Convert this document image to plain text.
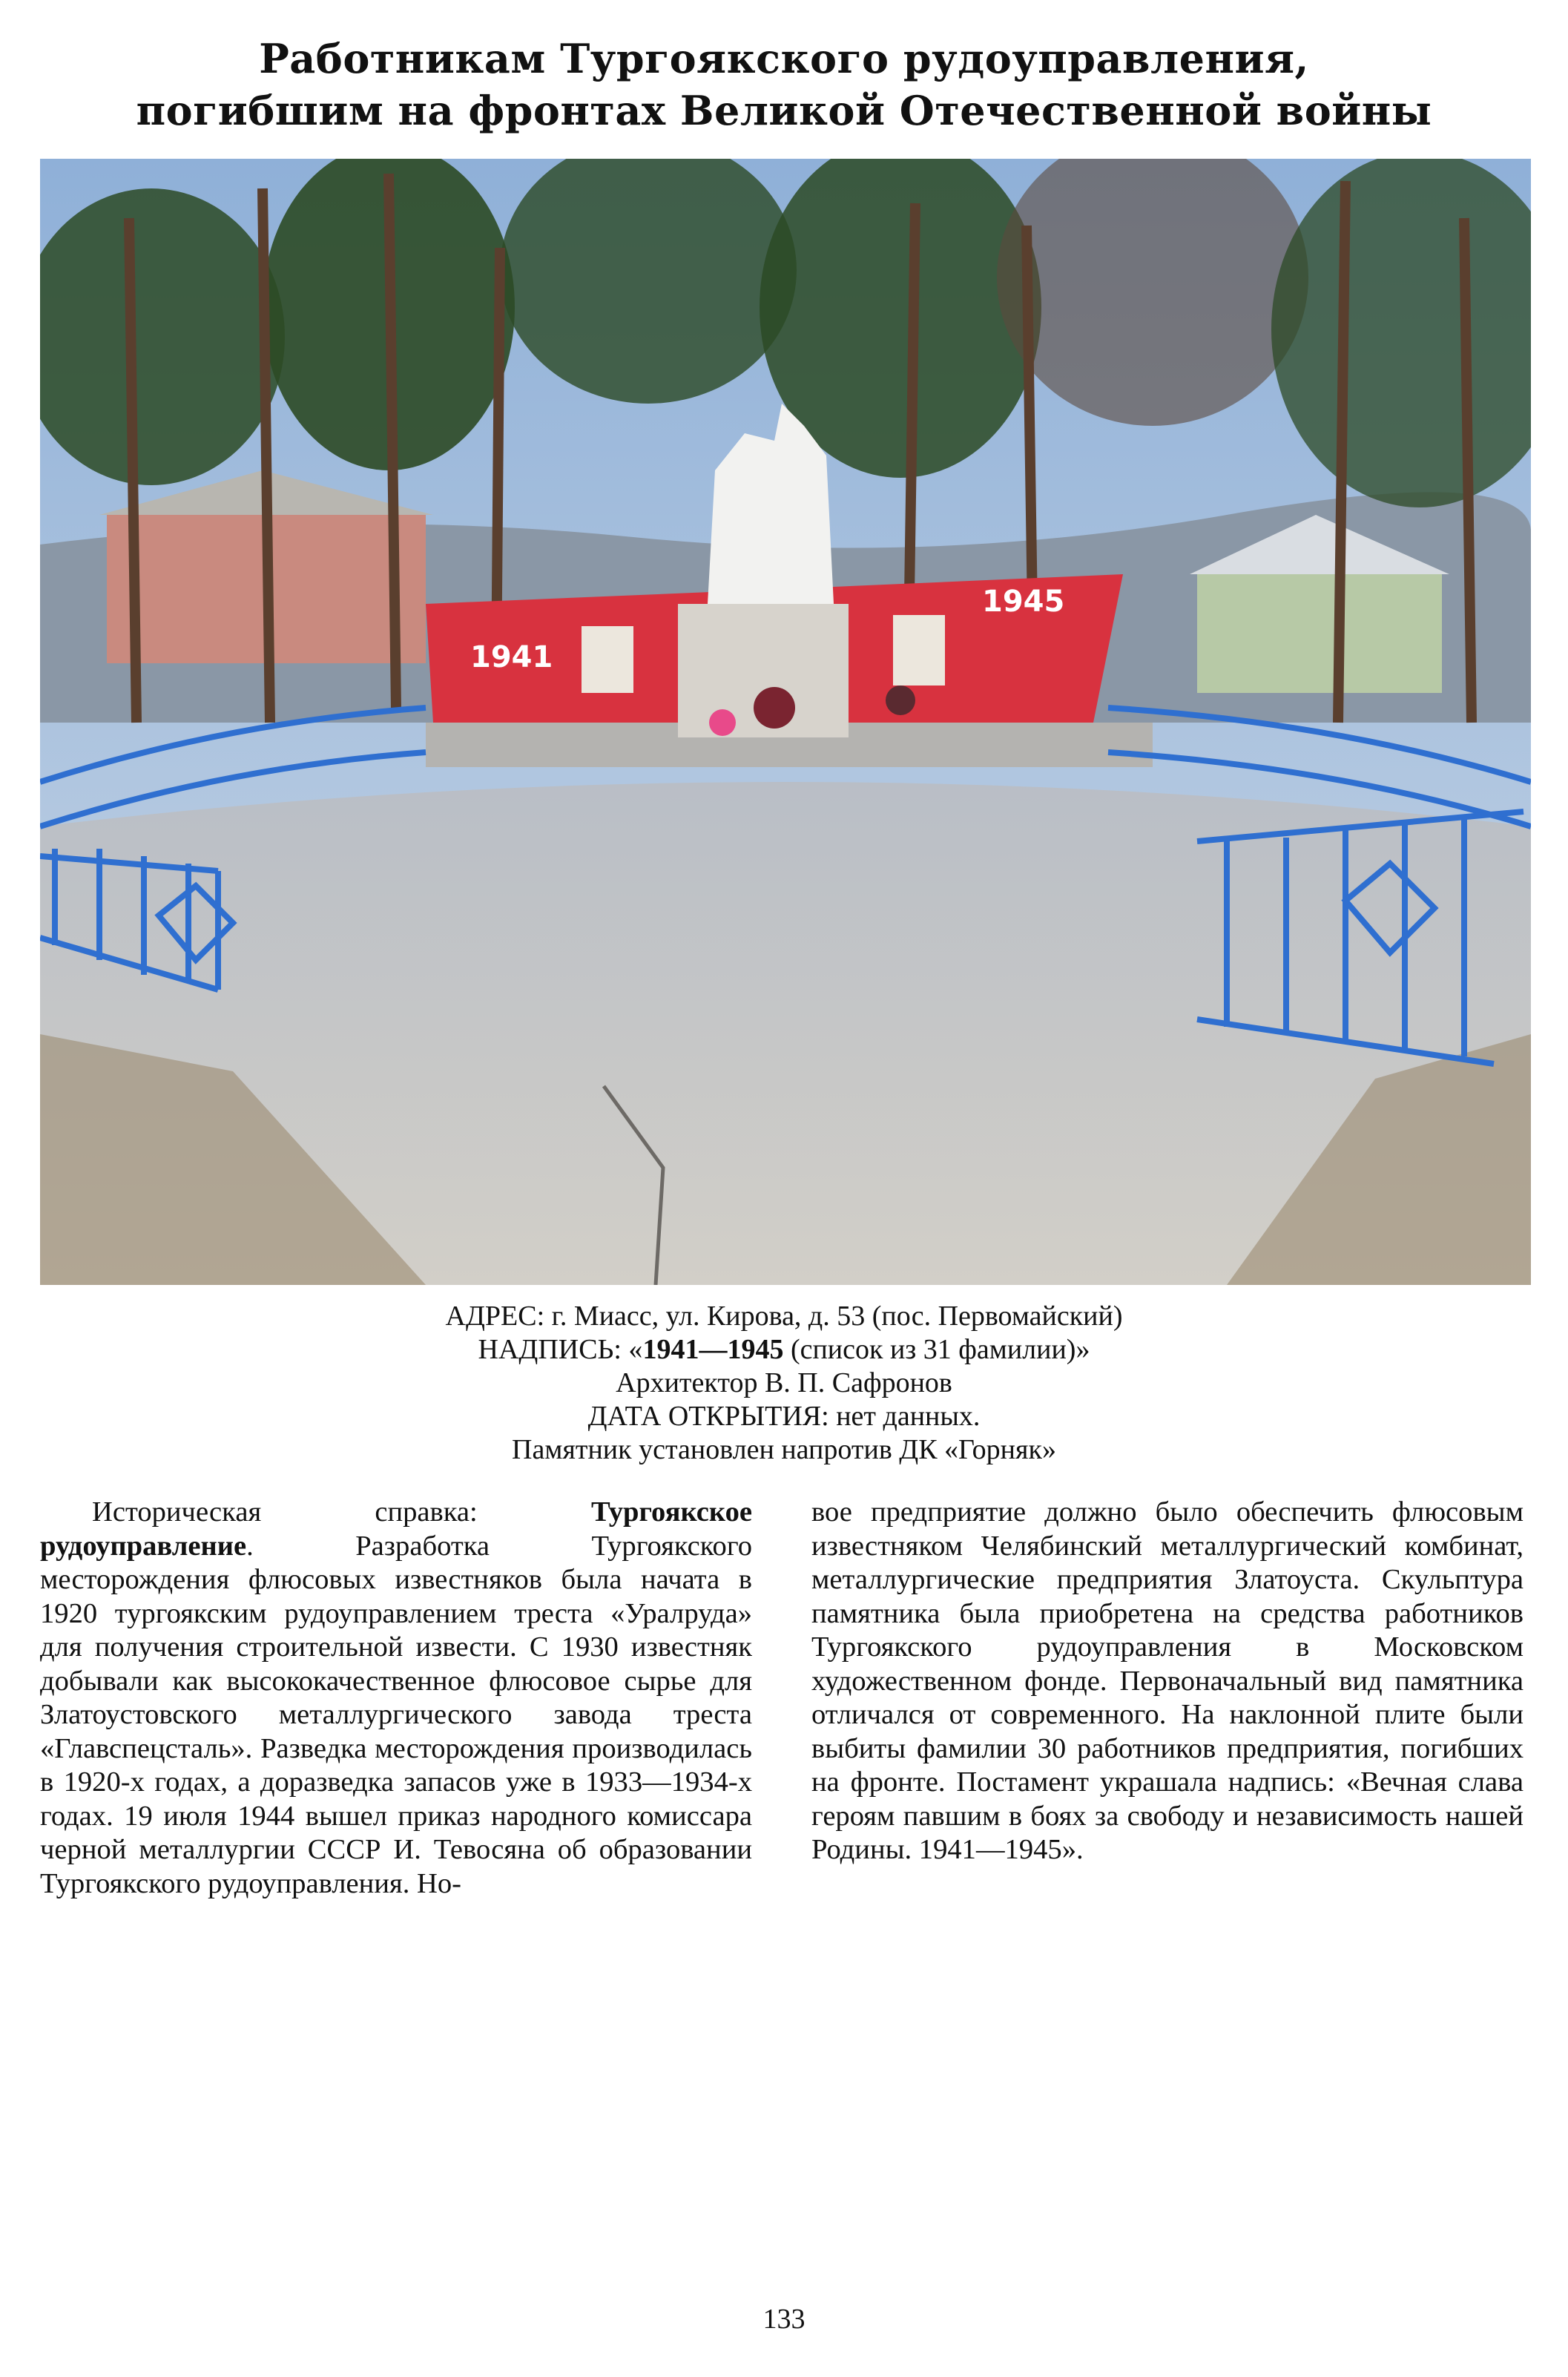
Работникам Тургоякского рудоуправления,
погибшим на фронтах Великой Отечественной войны
1941
1945
АДРЕС: г. Миасс, ул. Кирова, д. 53 (пос. Первомайский)
НАДПИСЬ: «1941—1945 (список из 31 фамилии)»
Архитектор В. П. Сафронов
ДАТА ОТКРЫТИЯ: нет данных.
Памятник установлен напротив ДК «Горняк»

Историческая справка: Тургоякское рудоуправление. Разработка Тургоякского месторождения флюсовых известняков была начата в 1920 тургоякским рудоуправлением треста «Уралруда» для получения строительной извести. С 1930 известняк добывали как высококачественное флюсовое сырье для Златоустовского металлургического завода треста «Главспецсталь». Разведка месторождения производилась в 1920-х годах, а доразведка запасов уже в 1933—1934-х годах. 19 июля 1944 вышел приказ народного комиссара черной металлургии СССР И. Тевосяна об образовании Тургоякского рудоуправления. Но-

вое предприятие должно было обеспечить флюсовым известняком Челябинский металлургический комбинат, металлургические предприятия Златоуста. Скульптура памятника была приобретена на средства работников Тургоякского рудоуправления в Московском художественном фонде. Первоначальный вид памятника отличался от современного. На наклонной плите были выбиты фамилии 30 работников предприятия, погибших на фронте. Постамент украшала надпись: «Вечная слава героям павшим в боях за свободу и независимость нашей Родины. 1941—1945».

133
